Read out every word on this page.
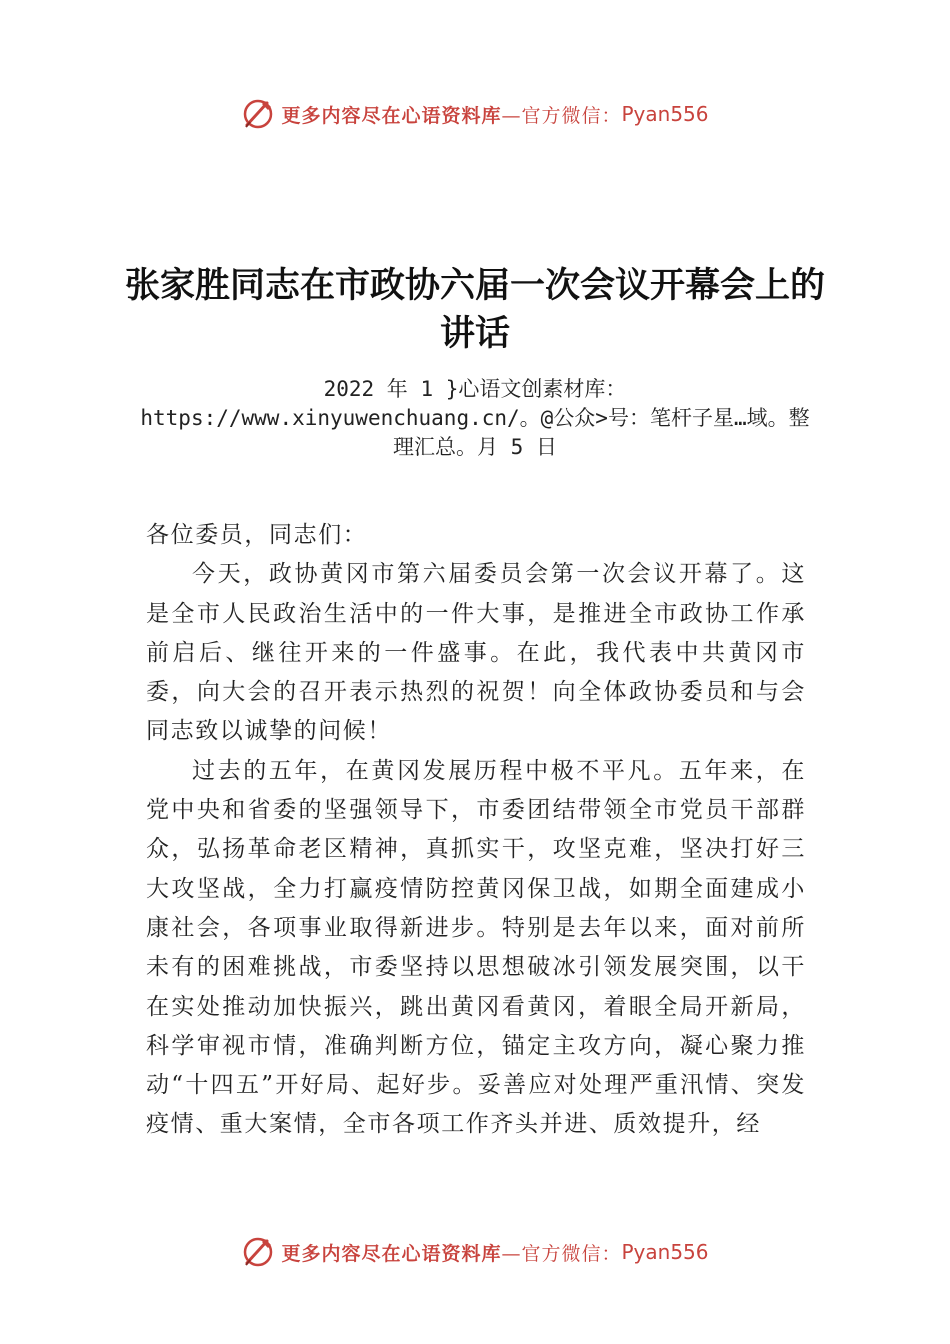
更多内容尽在心语资料库 —官方微信： Pyan556
张家胜同志在市政协六届一次会议开幕会上的讲话

2022 年 1 }心语文创素材库：https://www.xinyuwenchuang.cn/。@公众>号：笔杆子星…域。整理汇总。月 5 日

各位委员，同志们：

今天，政协黄冈市第六届委员会第一次会议开幕了。这是全市人民政治生活中的一件大事，是推进全市政协工作承前启后、继往开来的一件盛事。在此，我代表中共黄冈市委，向大会的召开表示热烈的祝贺！向全体政协委员和与会同志致以诚挚的问候！

过去的五年，在黄冈发展历程中极不平凡。五年来，在党中央和省委的坚强领导下，市委团结带领全市党员干部群众，弘扬革命老区精神，真抓实干，攻坚克难，坚决打好三大攻坚战，全力打赢疫情防控黄冈保卫战，如期全面建成小康社会，各项事业取得新进步。特别是去年以来，面对前所未有的困难挑战，市委坚持以思想破冰引领发展突围，以干在实处推动加快振兴，跳出黄冈看黄冈，着眼全局开新局，科学审视市情，准确判断方位，锚定主攻方向，凝心聚力推动“十四五”开好局、起好步。妥善应对处理严重汛情、突发疫情、重大案情，全市各项工作齐头并进、质效提升，经

更多内容尽在心语资料库 —官方微信： Pyan556
